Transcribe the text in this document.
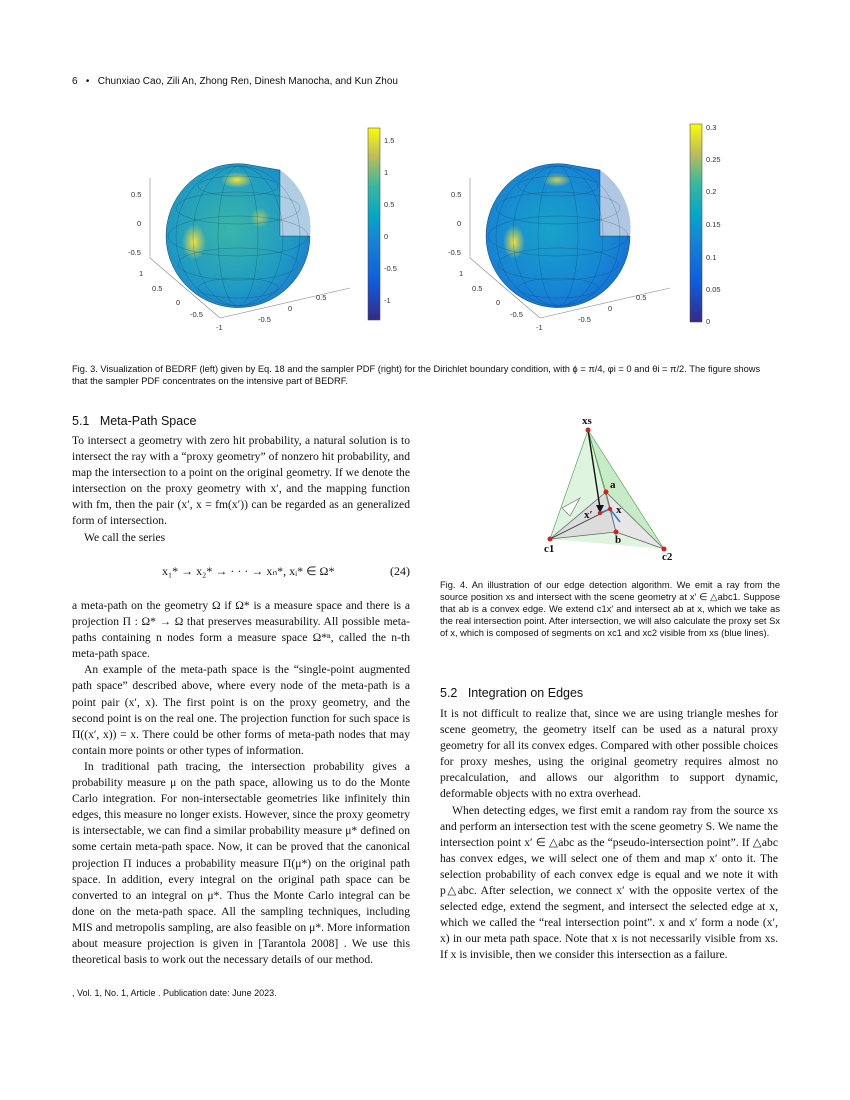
6 • Chunxiao Cao, Zili An, Zhong Ren, Dinesh Manocha, and Kun Zhou
0.5
0
-0.5
1
0.5
0
-0.5
-1
-0.5
0
0.5
1.5
1
0.5
0
-0.5
-1
0.5
0
-0.5
1
0.5
0
-0.5
-1
-0.5
0
0.5
0.3
0.25
0.2
0.15
0.1
0.05
0
Fig. 3. Visualization of BEDRF (left) given by Eq. 18 and the sampler PDF (right) for the Dirichlet boundary condition, with ϕ = π/4, φi = 0 and θi = π/2. The figure shows that the sampler PDF concentrates on the intensive part of BEDRF.
5.1 Meta-Path Space

To intersect a geometry with zero hit probability, a natural solution is to intersect the ray with a “proxy geometry” of nonzero hit probability, and map the intersection to a point on the original geometry. If we denote the intersection on the proxy geometry with x′, and the mapping function with fm, then the pair (x′, x = fm(x′)) can be regarded as an generalized form of intersection.

We call the series

x₁* → x₂* → · · · → xₙ*, xᵢ* ∈ Ω*	(24)

a meta-path on the geometry Ω if Ω* is a measure space and there is a projection Π : Ω* → Ω that preserves measurability. All possible meta-paths containing n nodes form a measure space Ω*ⁿ, called the n-th meta-path space.

An example of the meta-path space is the “single-point augmented path space” described above, where every node of the meta-path is a point pair (x′, x). The first point is on the proxy geometry, and the second point is on the real one. The projection function for such space is Π((x′, x)) = x. There could be other forms of meta-path nodes that may contain more points or other types of information.

In traditional path tracing, the intersection probability gives a probability measure μ on the path space, allowing us to do the Monte Carlo integration. For non-intersectable geometries like infinitely thin edges, this measure no longer exists. However, since the proxy geometry is intersectable, we can find a similar probability measure μ* defined on some certain meta-path space. Now, it can be proved that the canonical projection Π induces a probability measure Π(μ*) on the original path space. In addition, every integral on the original path space can be converted to an integral on μ*. Thus the Monte Carlo integral can be done on the meta-path space. All the sampling techniques, including MIS and metropolis sampling, are also feasible on μ*. More information about measure projection is given in [Tarantola 2008] . We use this theoretical basis to work out the necessary details of our method.

xs
a
b
c1
c2
x′ x
Fig. 4. An illustration of our edge detection algorithm. We emit a ray from the source position xs and intersect with the scene geometry at x′ ∈ △abc1. Suppose that ab is a convex edge. We extend c1x′ and intersect ab at x, which we take as the real intersection point. After intersection, we will also calculate the proxy set Sx of x, which is composed of segments on xc1 and xc2 visible from xs (blue lines).
5.2 Integration on Edges

It is not difficult to realize that, since we are using triangle meshes for scene geometry, the geometry itself can be used as a natural proxy geometry for all its convex edges. Compared with other possible choices for proxy meshes, using the original geometry requires almost no precalculation, and allows our algorithm to support dynamic, deformable objects with no extra overhead.

When detecting edges, we first emit a random ray from the source xs and perform an intersection test with the scene geometry S. We name the intersection point x′ ∈ △abc as the “pseudo-intersection point”. If △abc has convex edges, we will select one of them and map x′ onto it. The selection probability of each convex edge is equal and we note it with p△abc. After selection, we connect x′ with the opposite vertex of the selected edge, extend the segment, and intersect the selected edge at x, which we called the “real intersection point”. x and x′ form a node (x′, x) in our meta path space. Note that x is not necessarily visible from xs. If x is invisible, then we consider this intersection as a failure.

, Vol. 1, No. 1, Article . Publication date: June 2023.
